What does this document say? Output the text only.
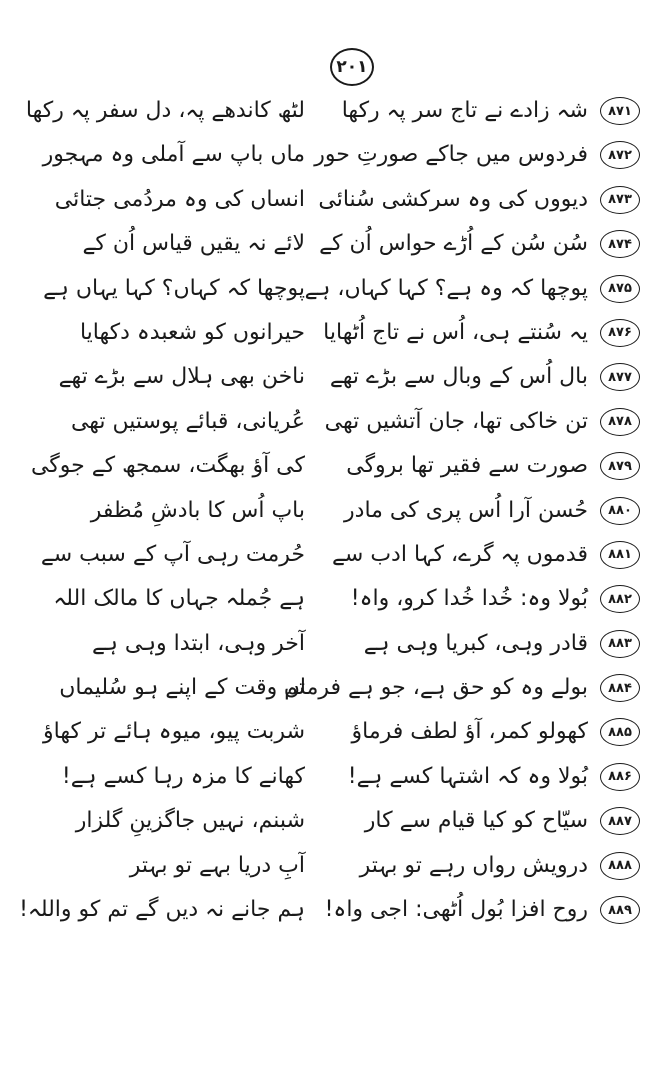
۲۰۱
۸۷۱
شہ زادے نے تاج سر پہ رکھا
لٹھ کاندھے پہ، دل سفر پہ رکھا
۸۷۲
فردوس میں جاکے صورتِ حور
ماں باپ سے آملی وہ مہجور
۸۷۳
دیووں کی وہ سرکشی سُنائی
انساں کی وہ مردُمی جتائی
۸۷۴
سُن سُن کے اُڑے حواس اُن کے
لائے نہ یقیں قیاس اُن کے
۸۷۵
پوچھا کہ وہ ہے؟ کہا کہاں، ہے
پوچھا کہ کہاں؟ کہا یہاں ہے
۸۷۶
یہ سُنتے ہی، اُس نے تاج اُٹھایا
حیرانوں کو شعبدہ دکھایا
۸۷۷
بال اُس کے وبال سے بڑے تھے
ناخن بھی ہلال سے بڑے تھے
۸۷۸
تن خاکی تھا، جان آتشیں تھی
عُریانی، قبائے پوستیں تھی
۸۷۹
صورت سے فقیر تھا بروگی
کی آؤ بھگت، سمجھ کے جوگی
۸۸۰
حُسن آرا اُس پری کی مادر
باپ اُس کا بادشِ مُظفر
۸۸۱
قدموں پہ گرے، کہا ادب سے
حُرمت رہی آپ کے سبب سے
۸۸۲
بُولا وہ: خُدا خُدا کرو، واہ!
ہے جُملہ جہاں کا مالک اللہ
۸۸۳
قادر وہی، کبریا وہی ہے
آخر وہی، ابتدا وہی ہے
۸۸۴
بولے وہ کو حق ہے، جو ہے فرماں
تم وقت کے اپنے ہو سُلیماں
۸۸۵
کھولو کمر، آؤ لطف فرماؤ
شربت پیو، میوہ ہائے تر کھاؤ
۸۸۶
بُولا وہ کہ اشتہا کسے ہے!
کھانے کا مزہ رہا کسے ہے!
۸۸۷
سیّاح کو کیا قیام سے کار
شبنم، نہیں جاگزینِ گلزار
۸۸۸
درویش رواں رہے تو بہتر
آبِ دریا بہے تو بہتر
۸۸۹
روح افزا بُول اُٹھی: اجی واہ!
ہم جانے نہ دیں گے تم کو واللہ!
